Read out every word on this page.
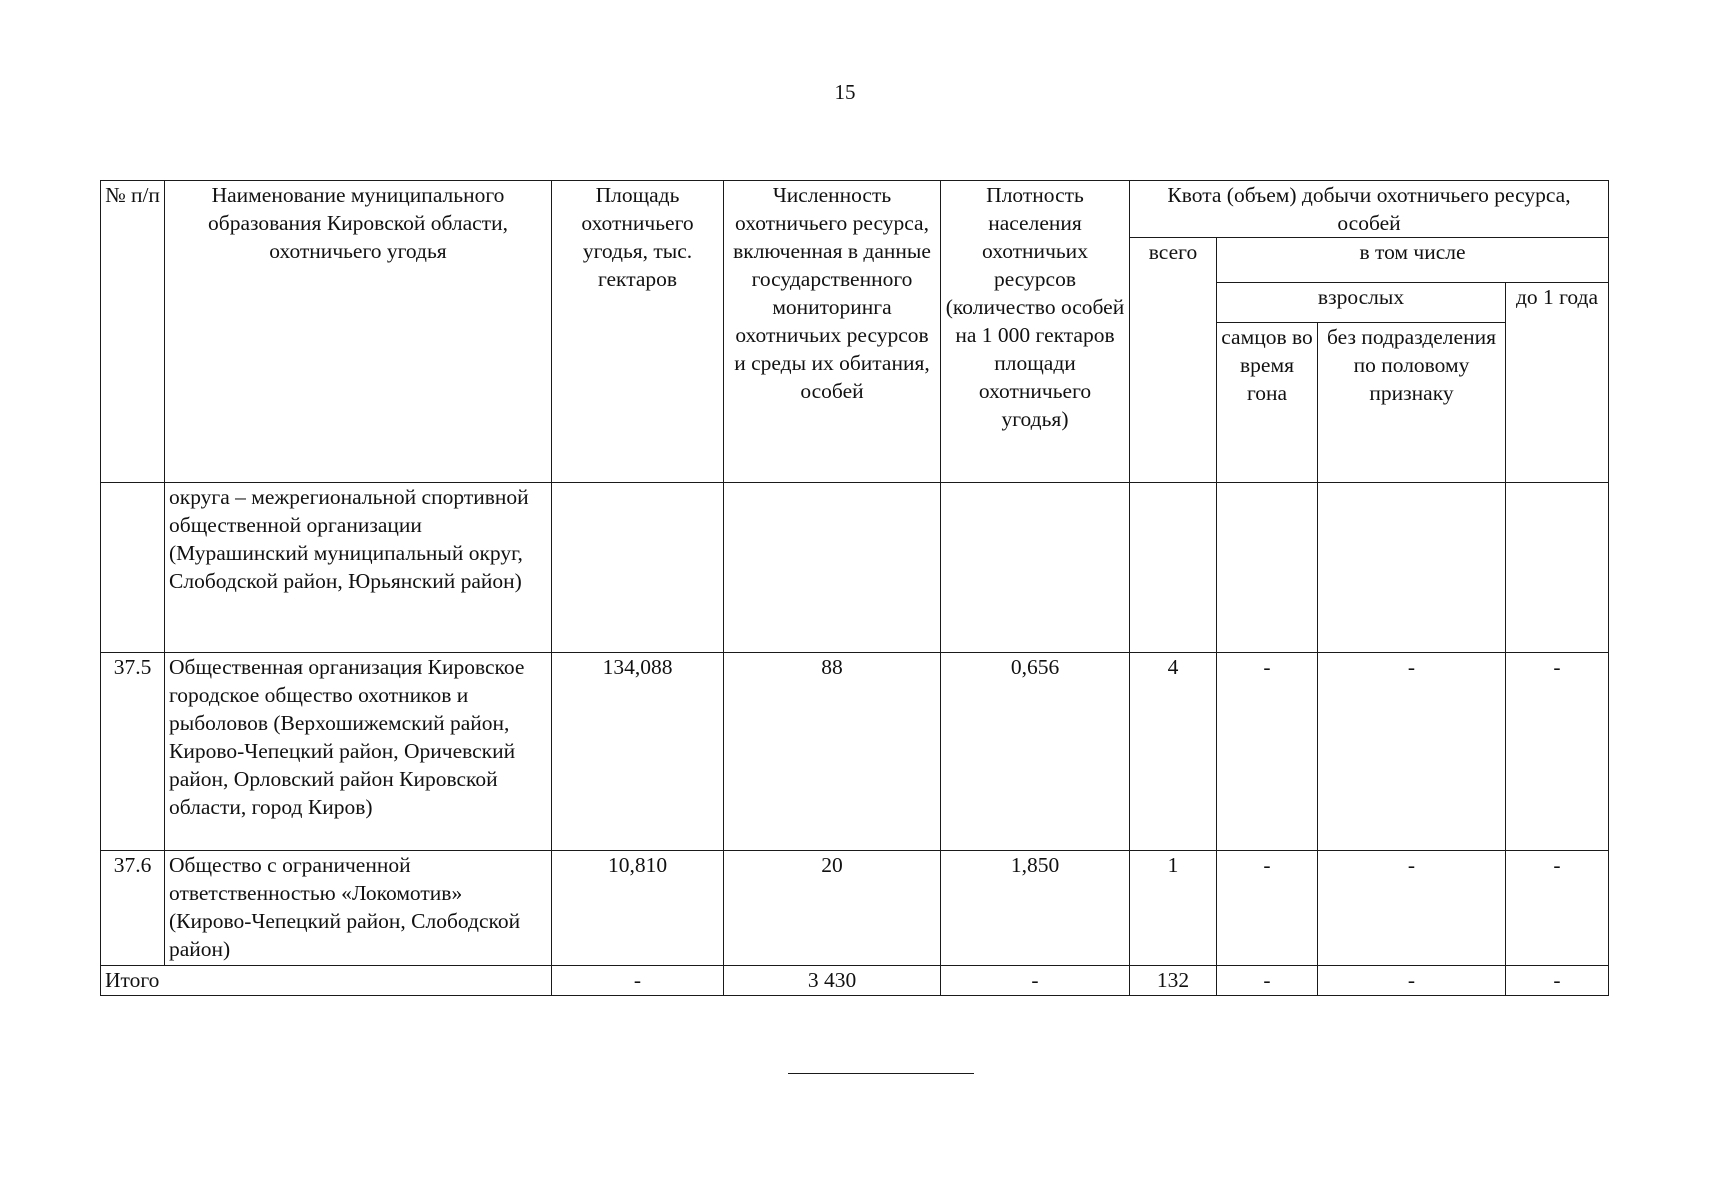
15
№ п/п	Наименование муниципального образования Кировской области, охотничьего угодья	Площадь охотничьего угодья, тыс. гектаров	Численность охотничьего ресурса, включенная в данные государственного мониторинга охотничьих ресурсов и среды их обитания, особей	Плотность населения охотничьих ресурсов (количество особей на 1 000 гектаров площади охотничьего угодья)	Квота (объем) добычи охотничьего ресурса, особей			
					всего	в том числе		
						взрослых		до 1 года
						самцов во время гона	без подразделения по половому признаку	
	округа – межрегиональной спортивной общественной организации (Мурашинский муниципальный округ, Слободской район, Юрьянский район)							
37.5	Общественная организация Кировское городское общество охотников и рыболовов (Верхошижемский район, Кирово-Чепецкий район, Оричевский район, Орловский район Кировской области, город Киров)	134,088	88	0,656	4	-	-	-
37.6	Общество с ограниченной ответственностью «Локомотив» (Кирово-Чепецкий район, Слободской район)	10,810	20	1,850	1	-	-	-
Итого		-	3 430	-	132	-	-	-
